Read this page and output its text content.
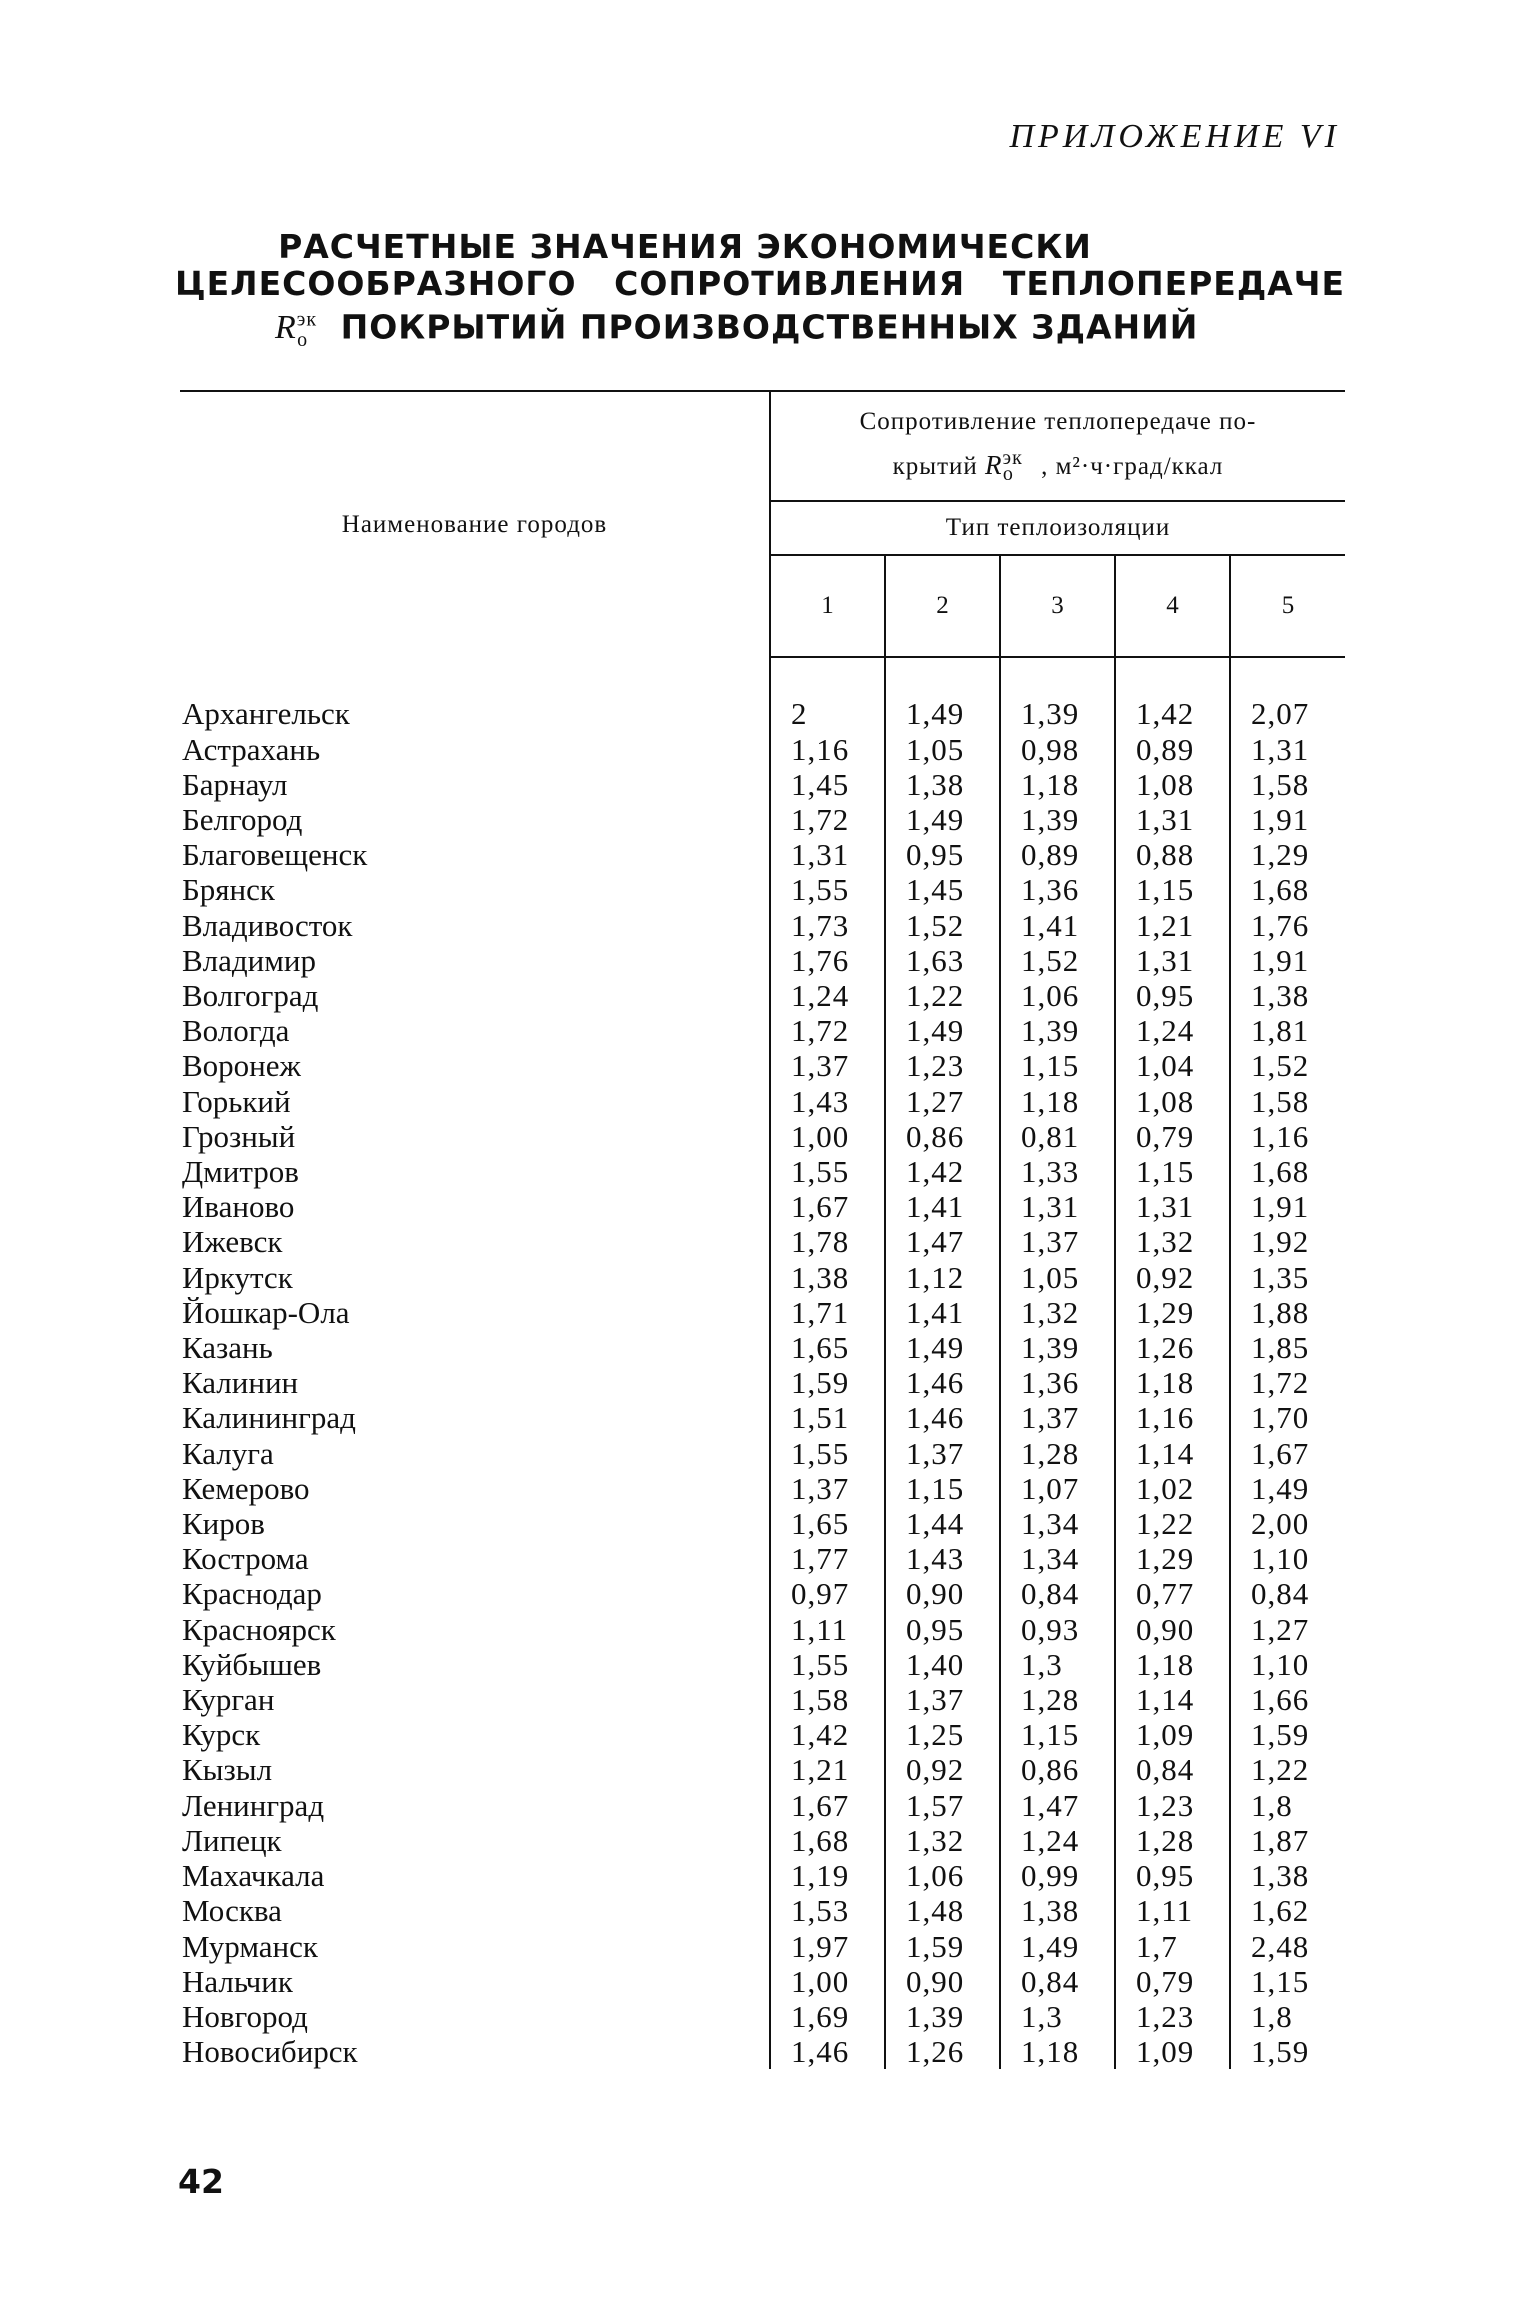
ПРИЛОЖЕНИЕ VI
РАСЧЕТНЫЕ ЗНАЧЕНИЯ ЭКОНОМИЧЕСКИ
ЦЕЛЕСООБРАЗНОГО СОПРОТИВЛЕНИЯ ТЕПЛОПЕРЕДАЧЕ
$R^{эк}_о$ ПОКРЫТИЙ ПРОИЗВОДСТВЕННЫХ ЗДАНИЙ
Наименование городов	Сопротивление теплопередаче по-
крытий $R^{эк}_о$ , м²·ч·град/ккал				

	Тип теплоизоляции				
	1	2	3	4	5

Архангельск	2	1,49	1,39	1,42	2,07
Астрахань	1,16	1,05	0,98	0,89	1,31
Барнаул	1,45	1,38	1,18	1,08	1,58
Белгород	1,72	1,49	1,39	1,31	1,91
Благовещенск	1,31	0,95	0,89	0,88	1,29
Брянск	1,55	1,45	1,36	1,15	1,68
Владивосток	1,73	1,52	1,41	1,21	1,76
Владимир	1,76	1,63	1,52	1,31	1,91
Волгоград	1,24	1,22	1,06	0,95	1,38
Вологда	1,72	1,49	1,39	1,24	1,81
Воронеж	1,37	1,23	1,15	1,04	1,52
Горький	1,43	1,27	1,18	1,08	1,58
Грозный	1,00	0,86	0,81	0,79	1,16
Дмитров	1,55	1,42	1,33	1,15	1,68
Иваново	1,67	1,41	1,31	1,31	1,91
Ижевск	1,78	1,47	1,37	1,32	1,92
Иркутск	1,38	1,12	1,05	0,92	1,35
Йошкар-Ола	1,71	1,41	1,32	1,29	1,88
Казань	1,65	1,49	1,39	1,26	1,85
Калинин	1,59	1,46	1,36	1,18	1,72
Калининград	1,51	1,46	1,37	1,16	1,70
Калуга	1,55	1,37	1,28	1,14	1,67
Кемерово	1,37	1,15	1,07	1,02	1,49
Киров	1,65	1,44	1,34	1,22	2,00
Кострома	1,77	1,43	1,34	1,29	1,10
Краснодар	0,97	0,90	0,84	0,77	0,84
Красноярск	1,11	0,95	0,93	0,90	1,27
Куйбышев	1,55	1,40	1,3	1,18	1,10
Курган	1,58	1,37	1,28	1,14	1,66
Курск	1,42	1,25	1,15	1,09	1,59
Кызыл	1,21	0,92	0,86	0,84	1,22
Ленинград	1,67	1,57	1,47	1,23	1,8
Липецк	1,68	1,32	1,24	1,28	1,87
Махачкала	1,19	1,06	0,99	0,95	1,38
Москва	1,53	1,48	1,38	1,11	1,62
Мурманск	1,97	1,59	1,49	1,7	2,48
Нальчик	1,00	0,90	0,84	0,79	1,15
Новгород	1,69	1,39	1,3	1,23	1,8
Новосибирск	1,46	1,26	1,18	1,09	1,59
42
